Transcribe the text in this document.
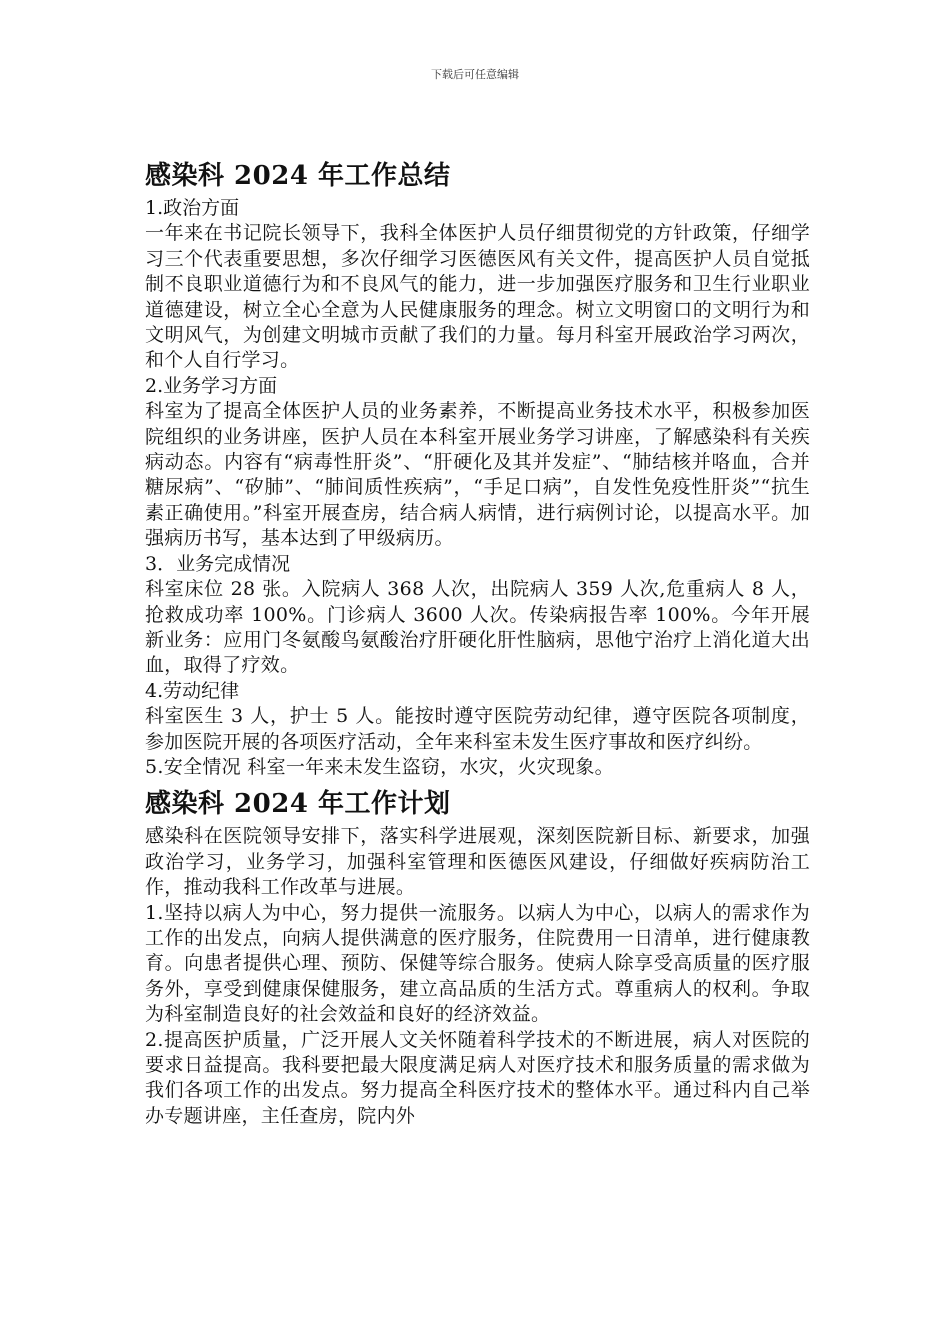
下载后可任意编辑
感染科 2024 年工作总结

1.政治方面

一年来在书记院长领导下，我科全体医护人员仔细贯彻党的方针政策，仔细学习三个代表重要思想，多次仔细学习医德医风有关文件，提高医护人员自觉抵制不良职业道德行为和不良风气的能力，进一步加强医疗服务和卫生行业职业道德建设，树立全心全意为人民健康服务的理念。树立文明窗口的文明行为和文明风气，为创建文明城市贡献了我们的力量。每月科室开展政治学习两次，和个人自行学习。

2.业务学习方面

科室为了提高全体医护人员的业务素养，不断提高业务技术水平，积极参加医院组织的业务讲座，医护人员在本科室开展业务学习讲座，了解感染科有关疾病动态。内容有“病毒性肝炎”、“肝硬化及其并发症”、“肺结核并咯血，合并糖尿病”、“矽肺”、“肺间质性疾病”，“手足口病”，自发性免疫性肝炎”“抗生素正确使用。”科室开展查房，结合病人病情，进行病例讨论，以提高水平。加强病历书写，基本达到了甲级病历。

3．业务完成情况

科室床位 28 张。入院病人 368 人次，出院病人 359 人次,危重病人 8 人，抢救成功率 100%。门诊病人 3600 人次。传染病报告率 100%。今年开展新业务：应用门冬氨酸鸟氨酸治疗肝硬化肝性脑病，思他宁治疗上消化道大出血，取得了疗效。

4.劳动纪律

科室医生 3 人，护士 5 人。能按时遵守医院劳动纪律，遵守医院各项制度，参加医院开展的各项医疗活动，全年来科室未发生医疗事故和医疗纠纷。

5.安全情况 科室一年来未发生盗窃，水灾，火灾现象。

感染科 2024 年工作计划

感染科在医院领导安排下，落实科学进展观，深刻医院新目标、新要求，加强政治学习，业务学习，加强科室管理和医德医风建设，仔细做好疾病防治工作，推动我科工作改革与进展。

1.坚持以病人为中心，努力提供一流服务。以病人为中心，以病人的需求作为工作的出发点，向病人提供满意的医疗服务，住院费用一日清单，进行健康教育。向患者提供心理、预防、保健等综合服务。使病人除享受高质量的医疗服务外，享受到健康保健服务，建立高品质的生活方式。尊重病人的权利。争取为科室制造良好的社会效益和良好的经济效益。

2.提高医护质量，广泛开展人文关怀随着科学技术的不断进展，病人对医院的要求日益提高。我科要把最大限度满足病人对医疗技术和服务质量的需求做为我们各项工作的出发点。努力提高全科医疗技术的整体水平。通过科内自己举办专题讲座，主任查房，院内外
